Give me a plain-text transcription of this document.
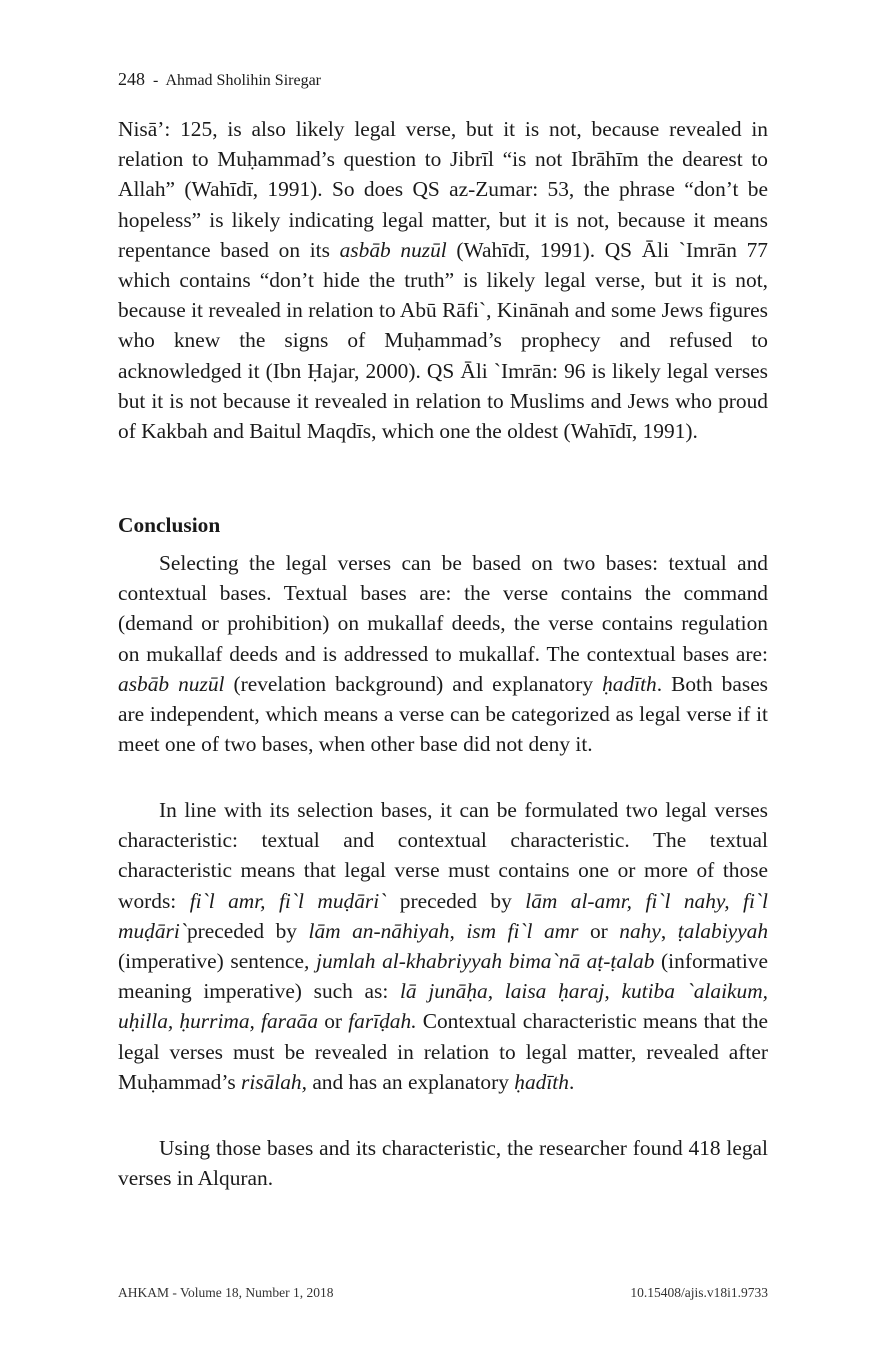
248 - Ahmad Sholihin Siregar

Nisā’: 125, is also likely legal verse, but it is not, because revealed in relation to Muḥammad’s question to Jibrīl “is not Ibrāhīm the dearest to Allah” (Wahīdī, 1991). So does QS az-Zumar: 53, the phrase “don’t be hopeless” is likely indicating legal matter, but it is not, because it means repentance based on its asbāb nuzūl (Wahīdī, 1991). QS Āli `Imrān 77 which contains “don’t hide the truth” is likely legal verse, but it is not, because it revealed in relation to Abū Rāfi`, Kinānah and some Jews figures who knew the signs of Muḥammad’s prophecy and refused to acknowledged it (Ibn Ḥajar, 2000). QS Āli `Imrān: 96 is likely legal verses but it is not because it revealed in relation to Muslims and Jews who proud of Kakbah and Baitul Maqdīs, which one the oldest (Wahīdī, 1991).

Conclusion

Selecting the legal verses can be based on two bases: textual and contextual bases. Textual bases are: the verse contains the command (demand or prohibition) on mukallaf deeds, the verse contains regulation on mukallaf deeds and is addressed to mukallaf. The contextual bases are: asbāb nuzūl (revelation background) and explanatory ḥadīth. Both bases are independent, which means a verse can be categorized as legal verse if it meet one of two bases, when other base did not deny it.

In line with its selection bases, it can be formulated two legal verses characteristic: textual and contextual characteristic. The textual characteristic means that legal verse must contains one or more of those words: fi`l amr, fi`l muḍāri` preceded by lām al-amr, fi`l nahy, fi`l muḍāri`preceded by lām an-nāhiyah, ism fi`l amr or nahy, ṭalabiyyah (imperative) sentence, jumlah al-khabriyyah bima`nā aṭ-ṭalab (informative meaning imperative) such as: lā junāḥa, laisa ḥaraj, kutiba `alaikum, uḥilla, ḥurrima, faraāa or farīḍah. Contextual characteristic means that the legal verses must be revealed in relation to legal matter, revealed after Muḥammad’s risālah, and has an explanatory ḥadīth.

Using those bases and its characteristic, the researcher found 418 legal verses in Alquran.

AHKAM - Volume 18, Number 1, 2018	10.15408/ajis.v18i1.9733
